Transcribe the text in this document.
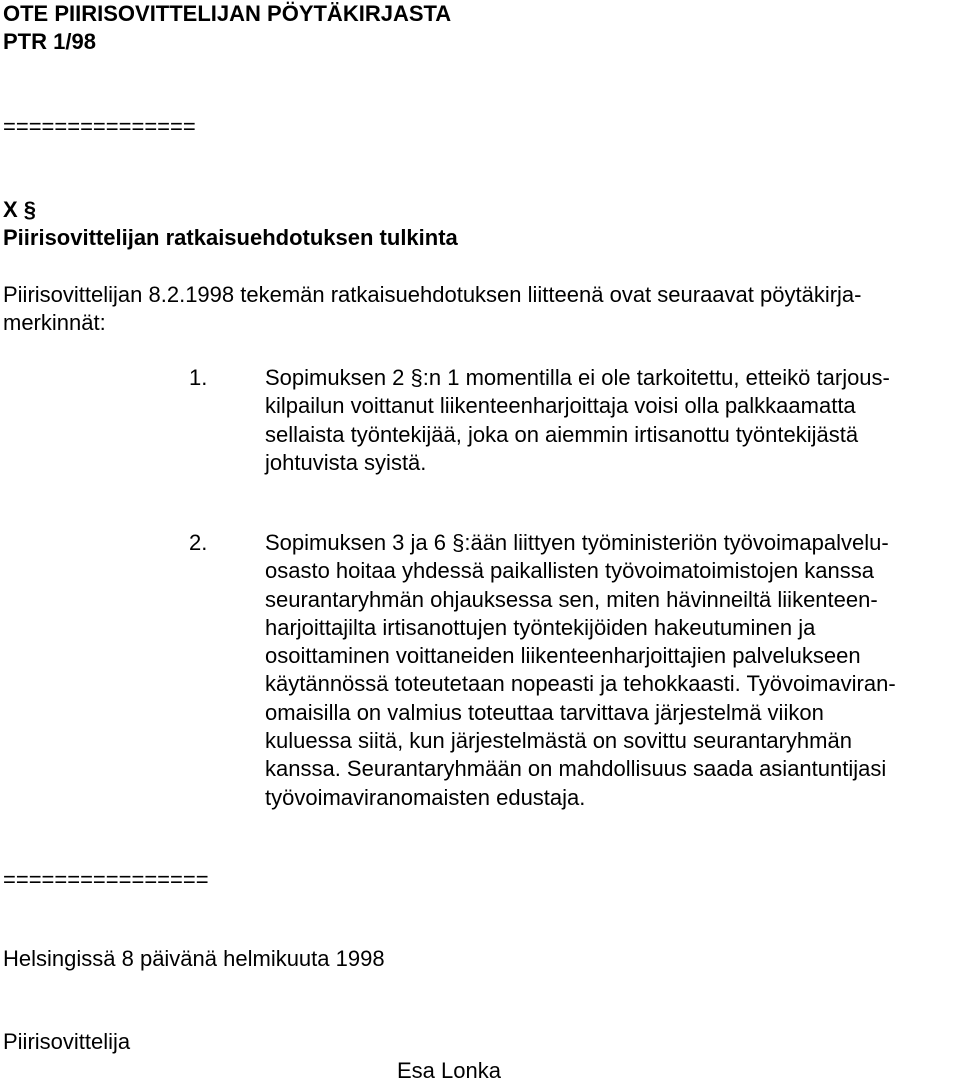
OTE PIIRISOVITTELIJAN PÖYTÄKIRJASTA
PTR 1/98
===============
X §
Piirisovittelijan ratkaisuehdotuksen tulkinta
Piirisovittelijan 8.2.1998 tekemän ratkaisuehdotuksen liitteenä ovat seuraavat pöytäkirja-
merkinnät:
1.	Sopimuksen 2 §:n 1 momentilla ei ole tarkoitettu, etteikö tarjous-

kilpailun voittanut liikenteenharjoittaja voisi olla palkkaamatta

sellaista työntekijää, joka on aiemmin irtisanottu työntekijästä

johtuvista syistä.

2.	Sopimuksen 3 ja 6 §:ään liittyen työministeriön työvoimapalvelu-

osasto hoitaa yhdessä paikallisten työvoimatoimistojen kanssa

seurantaryhmän ohjauksessa sen, miten hävinneiltä liikenteen-

harjoittajilta irtisanottujen työntekijöiden hakeutuminen ja

osoittaminen voittaneiden liikenteenharjoittajien palvelukseen

käytännössä toteutetaan nopeasti ja tehokkaasti. Työvoimaviran-

omaisilla on valmius toteuttaa tarvittava järjestelmä viikon

kuluessa siitä, kun järjestelmästä on sovittu seurantaryhmän

kanssa. Seurantaryhmään on mahdollisuus saada asiantuntijasi

työvoimaviranomaisten edustaja.

================
Helsingissä 8 päivänä helmikuuta 1998
Piirisovittelija
Esa Lonka
